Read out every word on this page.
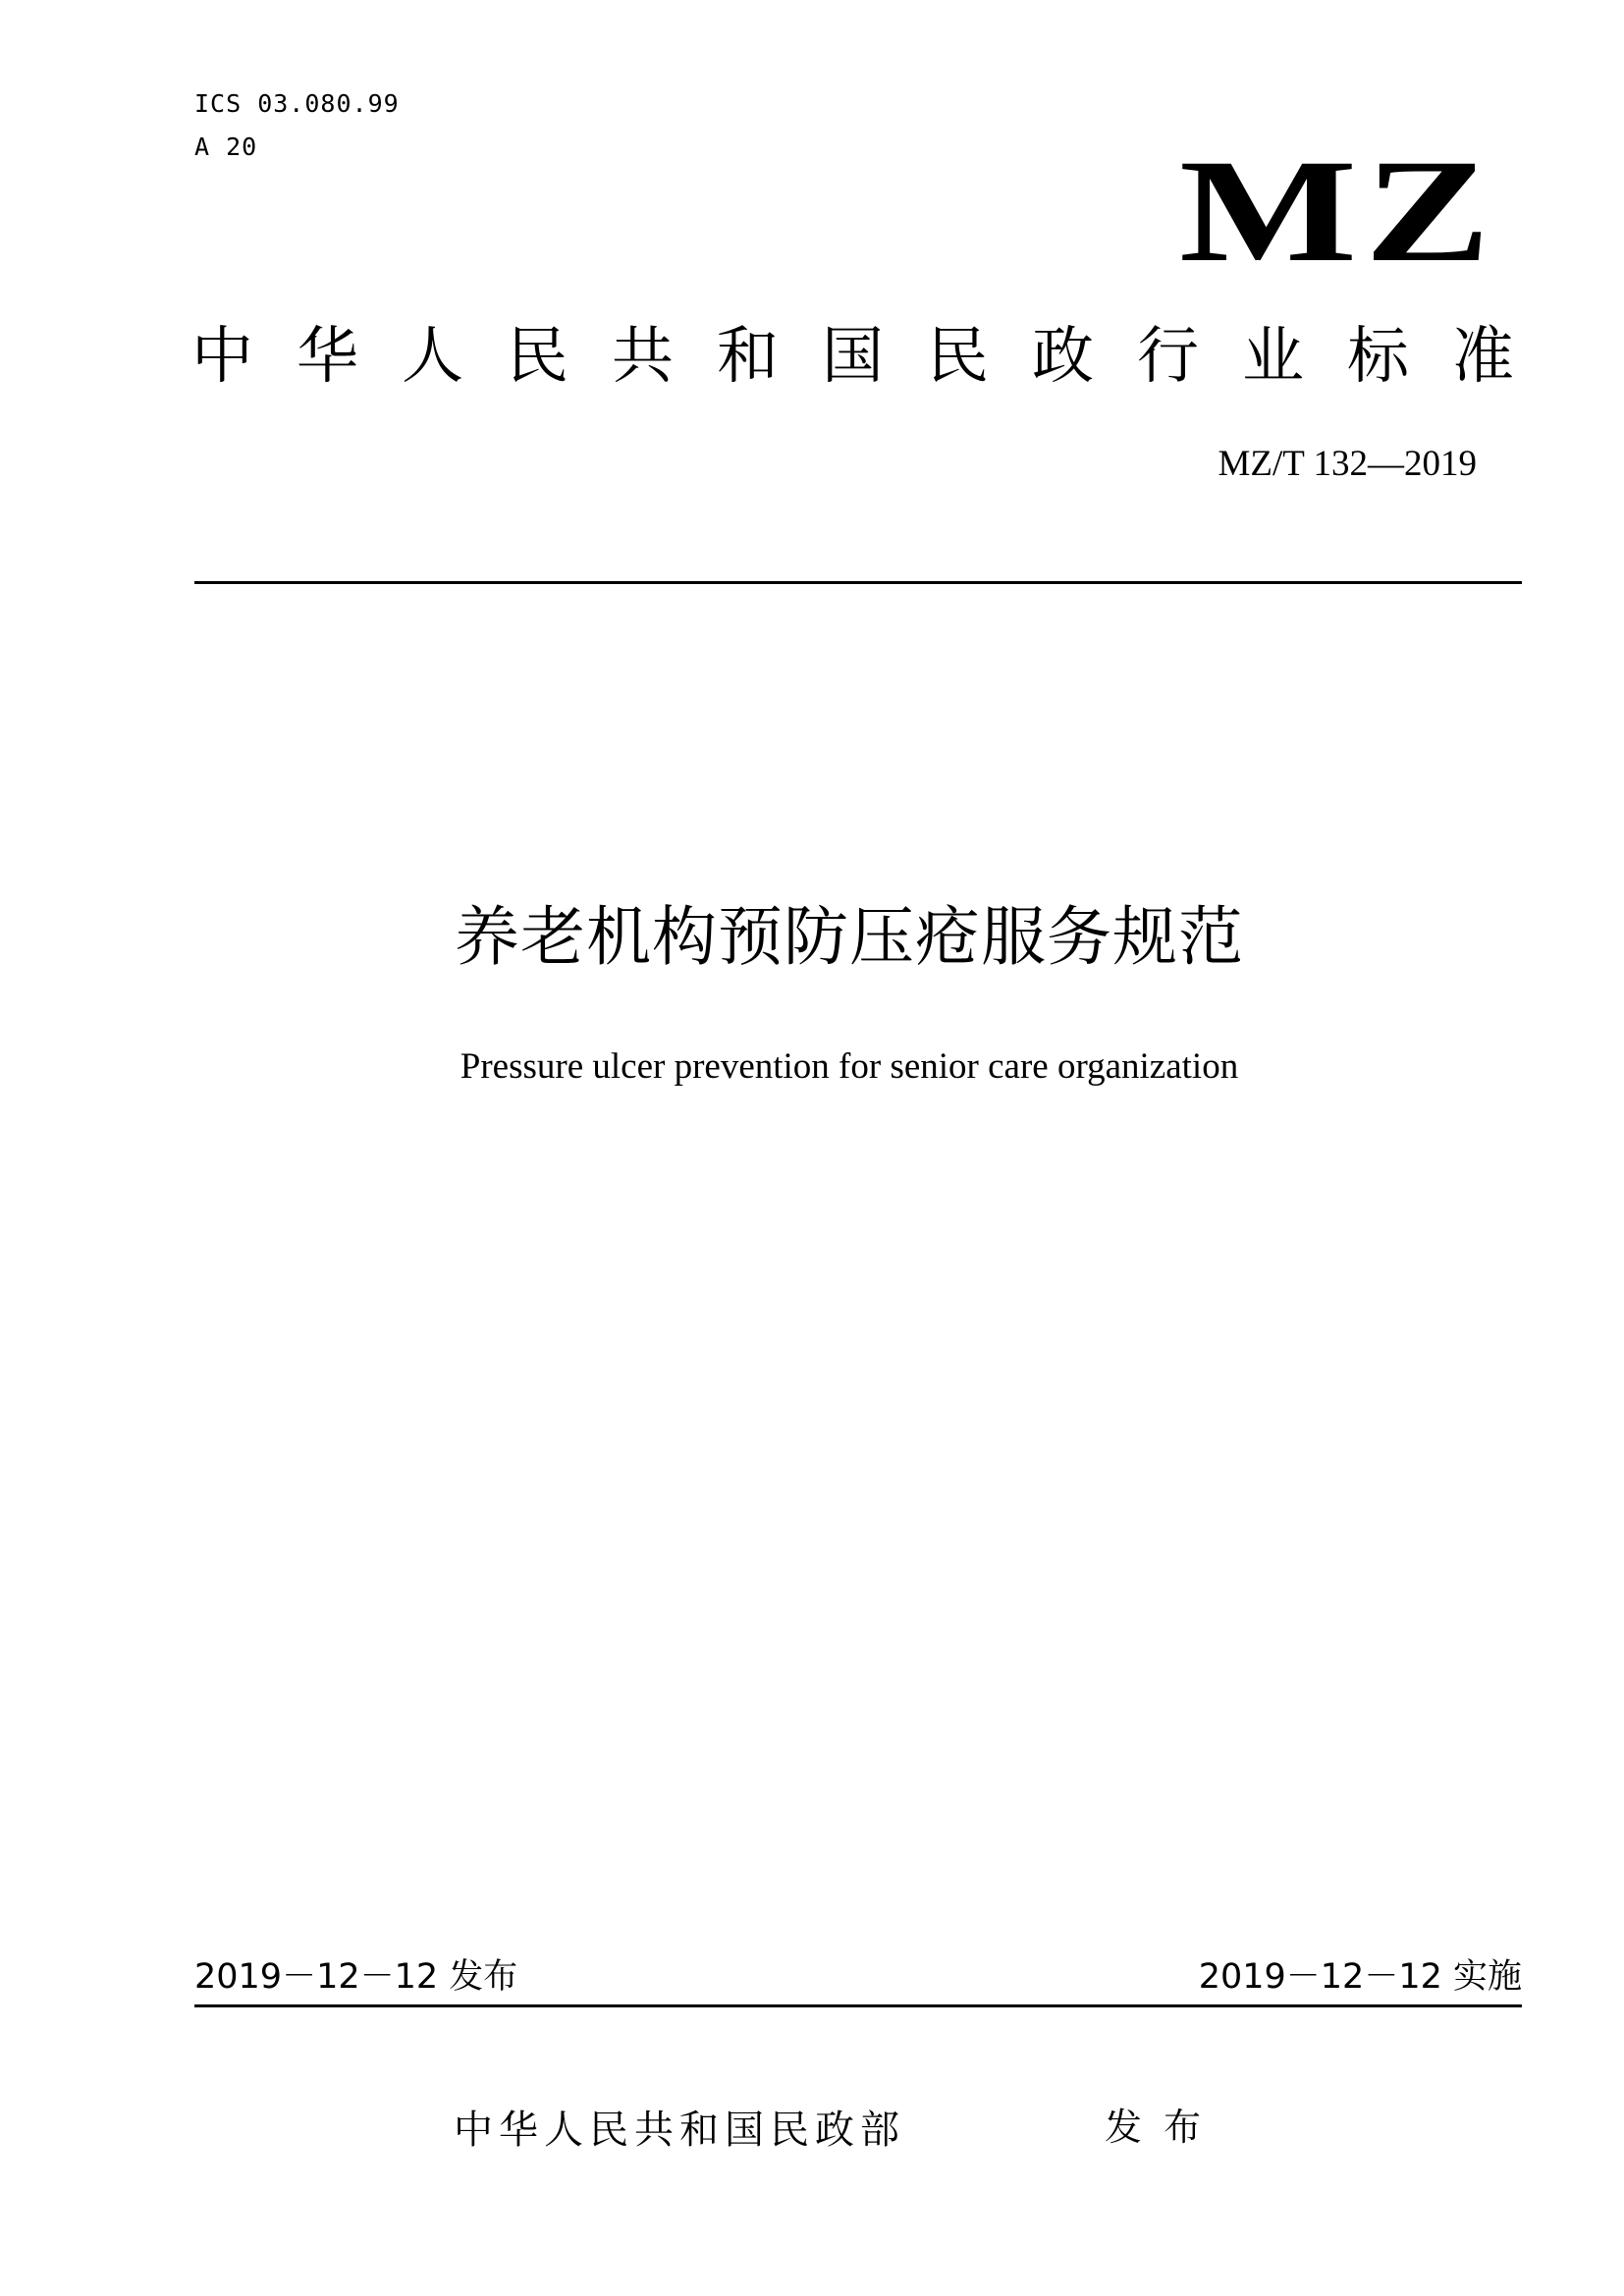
ICS 03.080.99
A 20	MZ
中华人民共和国民政行业标准
MZ/T 132—2019
养老机构预防压疮服务规范
Pressure ulcer prevention for senior care organization
2019－12－12 发布	2019－12－12 实施
中华人民共和国民政部	发布
